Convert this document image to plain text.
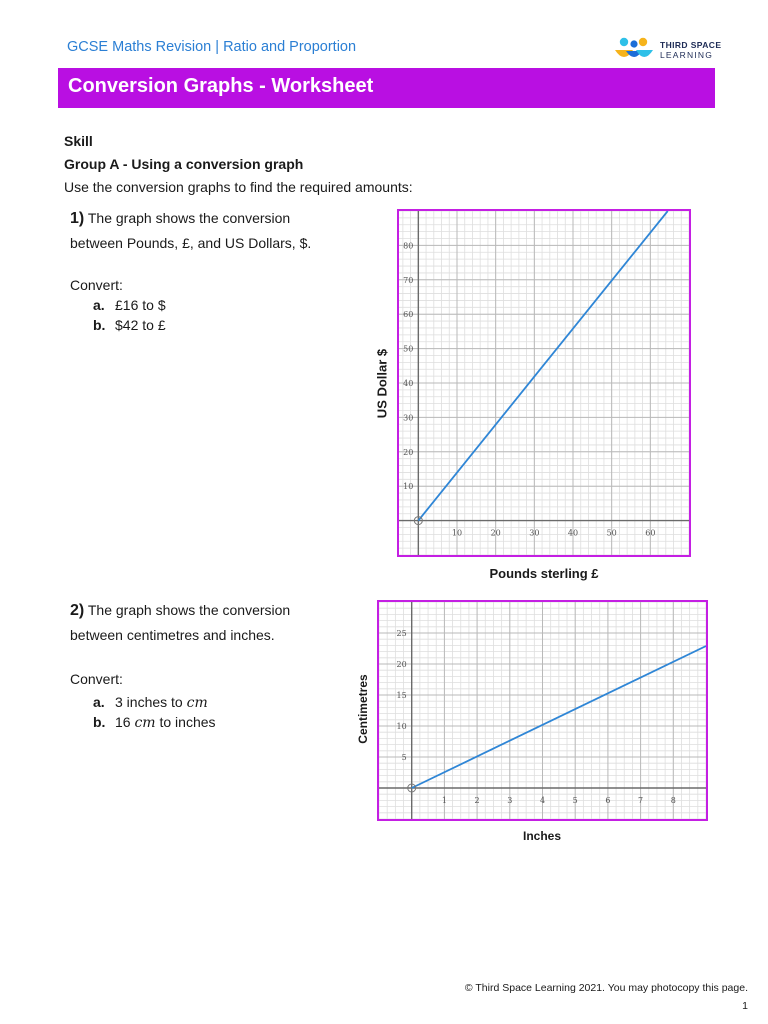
GCSE Maths Revision | Ratio and Proportion	THIRD SPACE
LEARNING
Conversion Graphs - Worksheet
Skill
Group A - Using a conversion graph
Use the conversion graphs to find the required amounts:
1) The graph shows the conversion
between Pounds, £, and US Dollars, $.
Convert:
a. £16 to $
b. $42 to £
10	20	30	40	50	60
10
20
30
40
50
60
70
80
US Dollar $
Pounds sterling £
2) The graph shows the conversion
between centimetres and inches.
Convert:
a. 3 inches to cm
b. 16 cm to inches
1	2	3	4	5	6	7	8
5
10
15
20
25
Centimetres
Inches
© Third Space Learning 2021. You may photocopy this page.
1
